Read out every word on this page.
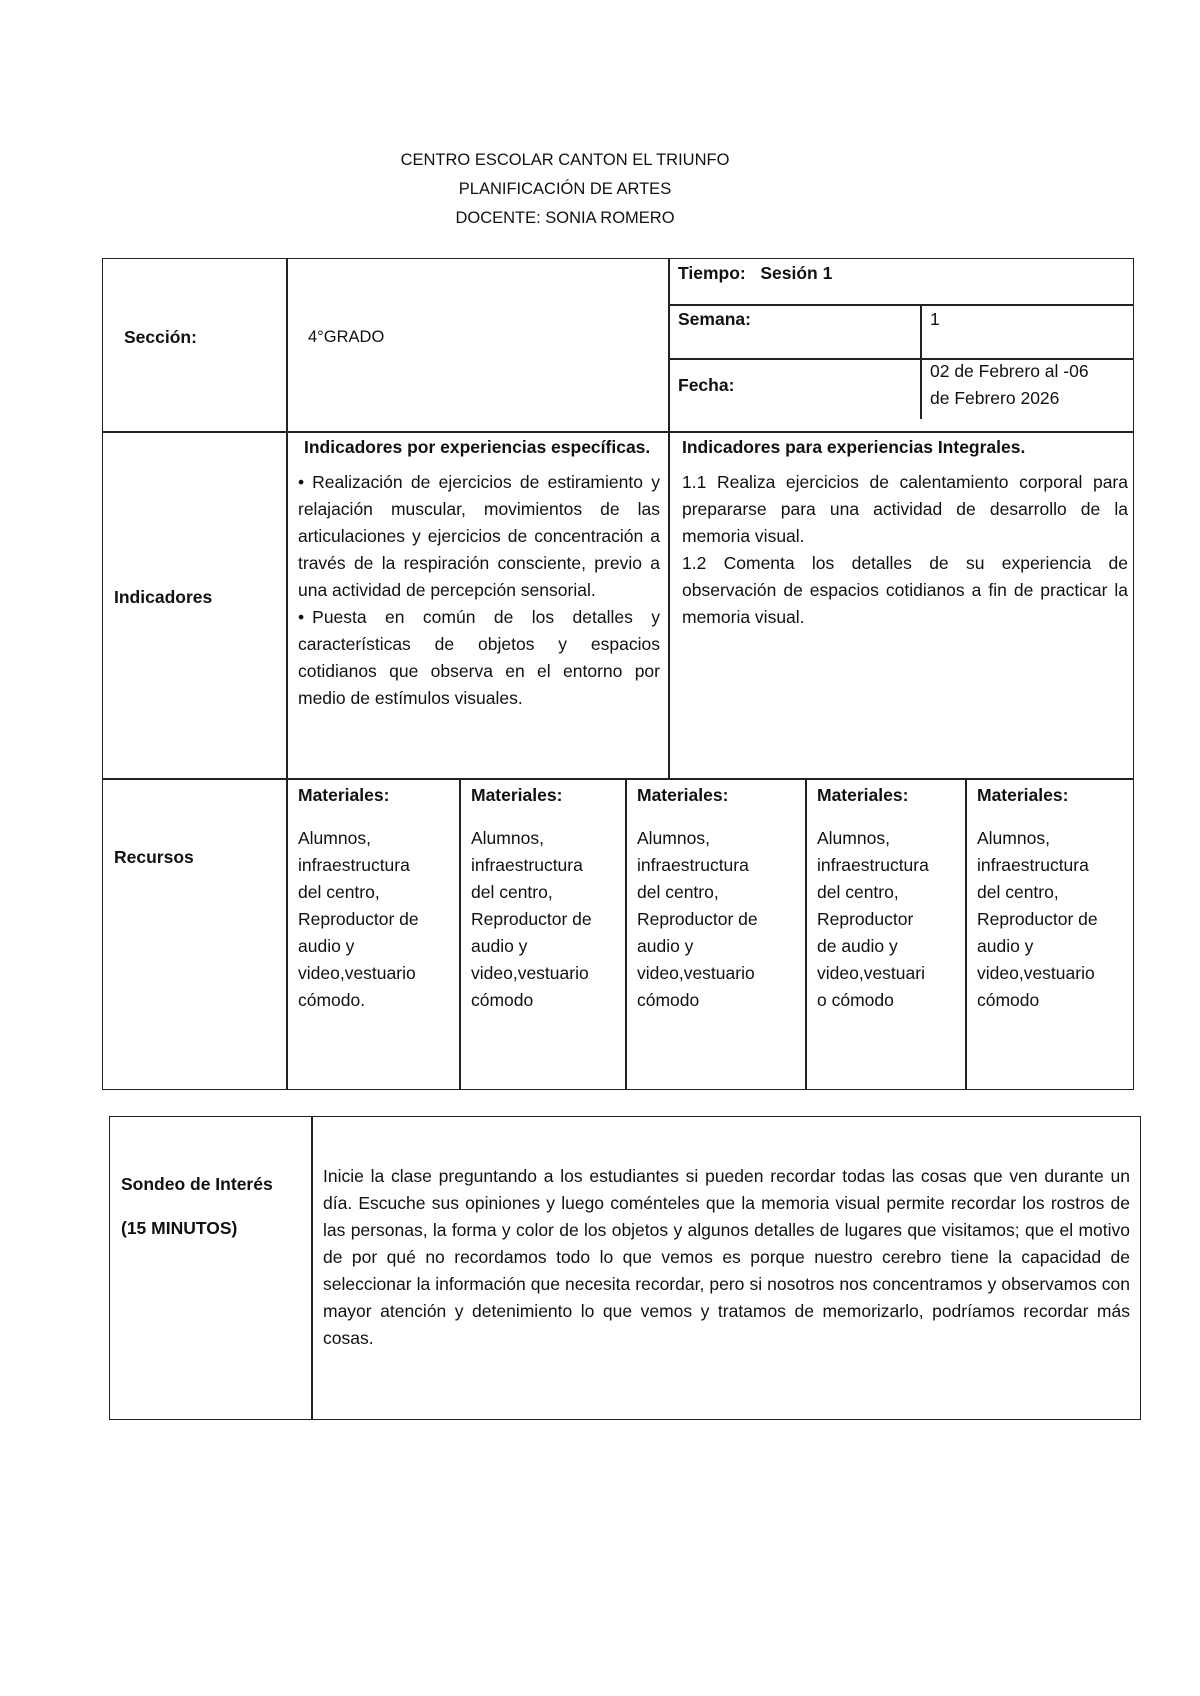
CENTRO ESCOLAR CANTON EL TRIUNFO
PLANIFICACIÓN DE ARTES
DOCENTE: SONIA ROMERO
Sección:	4°GRADO
Tiempo: Sesión 1
Semana:	1
Fecha:
02 de Febrero al -06
de Febrero 2026
Indicadores
Indicadores por experiencias específicas.
• Realización de ejercicios de estiramiento y relajación muscular, movimientos de las articulaciones y ejercicios de concentración a través de la respiración consciente, previo a una actividad de percepción sensorial.
• Puesta en común de los detalles y características de objetos y espacios cotidianos que observa en el entorno por medio de estímulos visuales.
Indicadores para experiencias Integrales.
1.1 Realiza ejercicios de calentamiento corporal para prepararse para una actividad de desarrollo de la memoria visual.
1.2 Comenta los detalles de su experiencia de observación de espacios cotidianos a fin de practicar la memoria visual.
Recursos
Materiales:
Alumnos,
infraestructura
del centro,
Reproductor de
audio y
video,vestuario
cómodo.
Materiales:
Alumnos,
infraestructura
del centro,
Reproductor de
audio y
video,vestuario
cómodo
Materiales:
Alumnos,
infraestructura
del centro,
Reproductor de
audio y
video,vestuario
cómodo
Materiales:
Alumnos,
infraestructura
del centro,
Reproductor
de audio y
video,vestuari
o cómodo
Materiales:
Alumnos,
infraestructura
del centro,
Reproductor de
audio y
video,vestuario
cómodo
Sondeo de Interés
(15 MINUTOS)
Inicie la clase preguntando a los estudiantes si pueden recordar todas las cosas que ven durante un día. Escuche sus opiniones y luego coménteles que la memoria visual permite recordar los rostros de las personas, la forma y color de los objetos y algunos detalles de lugares que visitamos; que el motivo de por qué no recordamos todo lo que vemos es porque nuestro cerebro tiene la capacidad de seleccionar la información que necesita recordar, pero si nosotros nos concentramos y observamos con mayor atención y detenimiento lo que vemos y tratamos de memorizarlo, podríamos recordar más cosas.
